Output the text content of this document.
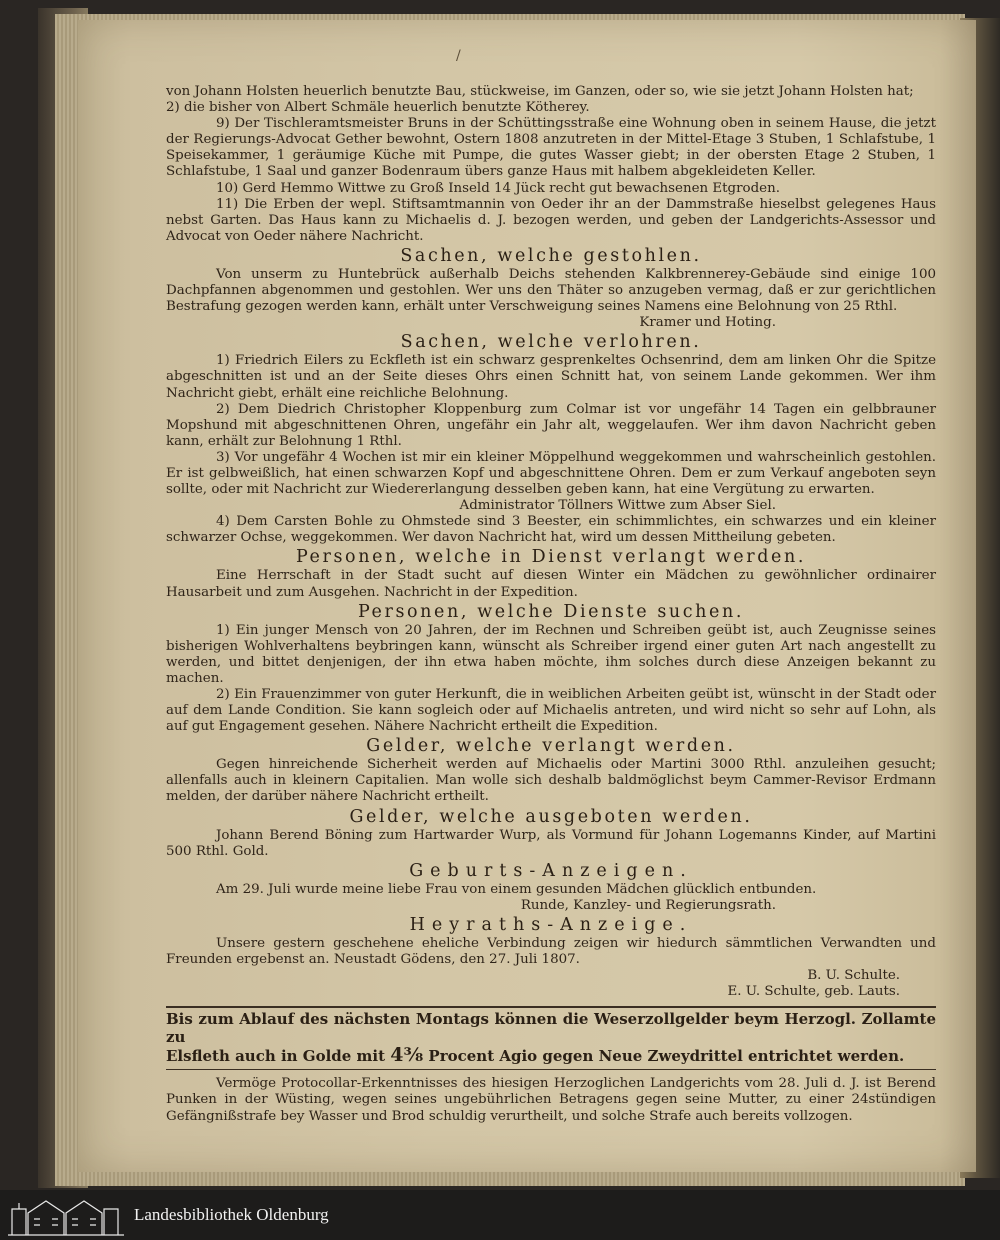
/

von Johann Holsten heuerlich benutzte Bau, stückweise, im Ganzen, oder so, wie sie jetzt Johann Holsten hat;

2) die bisher von Albert Schmäle heuerlich benutzte Kötherey.

9) Der Tischleramtsmeister Bruns in der Schüttingsstraße eine Wohnung oben in seinem Hause, die jetzt der Regierungs-Advocat Gether bewohnt, Ostern 1808 anzutreten in der Mittel-Etage 3 Stuben, 1 Schlafstube, 1 Speisekammer, 1 geräumige Küche mit Pumpe, die gutes Wasser giebt; in der obersten Etage 2 Stuben, 1 Schlafstube, 1 Saal und ganzer Bodenraum übers ganze Haus mit halbem abgekleideten Keller.

10) Gerd Hemmo Wittwe zu Groß Inseld 14 Jück recht gut bewachsenen Etgroden.

11) Die Erben der wepl. Stiftsamtmannin von Oeder ihr an der Dammstraße hieselbst gelegenes Haus nebst Garten. Das Haus kann zu Michaelis d. J. bezogen werden, und geben der Landgerichts-Assessor und Advocat von Oeder nähere Nachricht.

Sachen, welche gestohlen.

Von unserm zu Huntebrück außerhalb Deichs stehenden Kalkbrennerey-Gebäude sind einige 100 Dachpfannen abgenommen und gestohlen. Wer uns den Thäter so anzugeben vermag, daß er zur gerichtlichen Bestrafung gezogen werden kann, erhält unter Verschweigung seines Namens eine Belohnung von 25 Rthl.

Kramer und Hoting.

Sachen, welche verlohren.

1) Friedrich Eilers zu Eckfleth ist ein schwarz gesprenkeltes Ochsenrind, dem am linken Ohr die Spitze abgeschnitten ist und an der Seite dieses Ohrs einen Schnitt hat, von seinem Lande gekommen. Wer ihm Nachricht giebt, erhält eine reichliche Belohnung.

2) Dem Diedrich Christopher Kloppenburg zum Colmar ist vor ungefähr 14 Tagen ein gelbbrauner Mopshund mit abgeschnittenen Ohren, ungefähr ein Jahr alt, weggelaufen. Wer ihm davon Nachricht geben kann, erhält zur Belohnung 1 Rthl.

3) Vor ungefähr 4 Wochen ist mir ein kleiner Möppelhund weggekommen und wahrscheinlich gestohlen. Er ist gelbweißlich, hat einen schwarzen Kopf und abgeschnittene Ohren. Dem er zum Verkauf angeboten seyn sollte, oder mit Nachricht zur Wiedererlangung desselben geben kann, hat eine Vergütung zu erwarten.

Administrator Töllners Wittwe zum Abser Siel.

4) Dem Carsten Bohle zu Ohmstede sind 3 Beester, ein schimmlichtes, ein schwarzes und ein kleiner schwarzer Ochse, weggekommen. Wer davon Nachricht hat, wird um dessen Mittheilung gebeten.

Personen, welche in Dienst verlangt werden.

Eine Herrschaft in der Stadt sucht auf diesen Winter ein Mädchen zu gewöhnlicher ordinairer Hausarbeit und zum Ausgehen. Nachricht in der Expedition.

Personen, welche Dienste suchen.

1) Ein junger Mensch von 20 Jahren, der im Rechnen und Schreiben geübt ist, auch Zeugnisse seines bisherigen Wohlverhaltens beybringen kann, wünscht als Schreiber irgend einer guten Art nach angestellt zu werden, und bittet denjenigen, der ihn etwa haben möchte, ihm solches durch diese Anzeigen bekannt zu machen.

2) Ein Frauenzimmer von guter Herkunft, die in weiblichen Arbeiten geübt ist, wünscht in der Stadt oder auf dem Lande Condition. Sie kann sogleich oder auf Michaelis antreten, und wird nicht so sehr auf Lohn, als auf gut Engagement gesehen. Nähere Nachricht ertheilt die Expedition.

Gelder, welche verlangt werden.

Gegen hinreichende Sicherheit werden auf Michaelis oder Martini 3000 Rthl. anzuleihen gesucht; allenfalls auch in kleinern Capitalien. Man wolle sich deshalb baldmöglichst beym Cammer-Revisor Erdmann melden, der darüber nähere Nachricht ertheilt.

Gelder, welche ausgeboten werden.

Johann Berend Böning zum Hartwarder Wurp, als Vormund für Johann Logemanns Kinder, auf Martini 500 Rthl. Gold.

Geburts-Anzeigen.

Am 29. Juli wurde meine liebe Frau von einem gesunden Mädchen glücklich entbunden.

Runde, Kanzley- und Regierungsrath.

Heyraths-Anzeige.

Unsere gestern geschehene eheliche Verbindung zeigen wir hiedurch sämmtlichen Verwandten und Freunden ergebenst an. Neustadt Gödens, den 27. Juli 1807.

B. U. Schulte.

E. U. Schulte, geb. Lauts.

Bis zum Ablauf des nächsten Montags können die Weserzollgelder beym Herzogl. Zollamte zu
Elsfleth auch in Golde mit 4⅜ Procent Agio gegen Neue Zweydrittel entrichtet werden.

Vermöge Protocollar-Erkenntnisses des hiesigen Herzoglichen Landgerichts vom 28. Juli d. J. ist Berend Punken in der Wüsting, wegen seines ungebührlichen Betragens gegen seine Mutter, zu einer 24stündigen Gefängnißstrafe bey Wasser und Brod schuldig verurtheilt, und solche Strafe auch bereits vollzogen.

Landesbibliothek Oldenburg
